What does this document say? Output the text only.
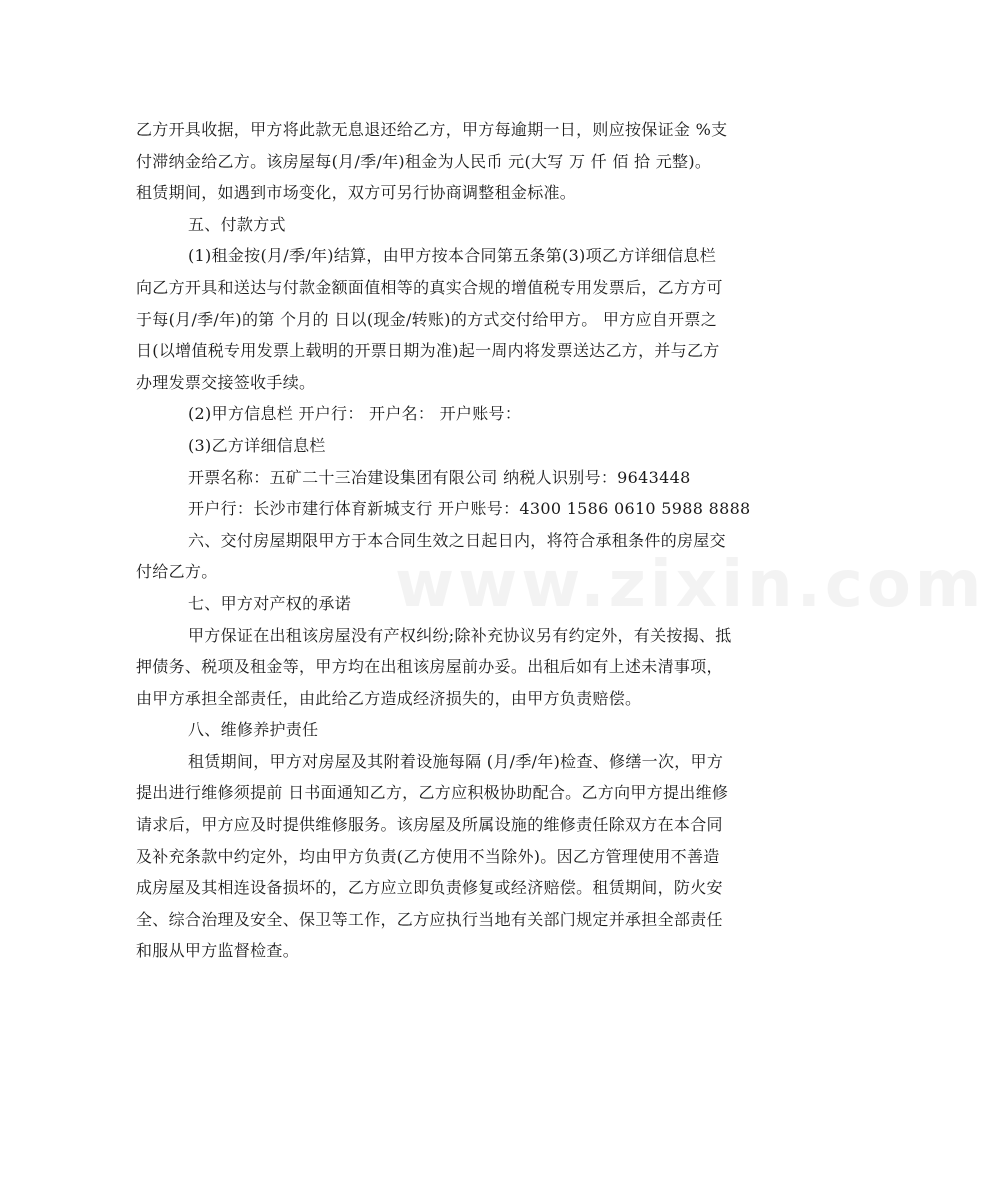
乙方开具收据，甲方将此款无息退还给乙方，甲方每逾期一日，则应按保证金 %支
付滞纳金给乙方。该房屋每(月/季/年)租金为人民币 元(大写 万 仟 佰 拾 元整)。
租赁期间，如遇到市场变化，双方可另行协商调整租金标准。
五、付款方式
(1)租金按(月/季/年)结算，由甲方按本合同第五条第(3)项乙方详细信息栏
向乙方开具和送达与付款金额面值相等的真实合规的增值税专用发票后，乙方方可
于每(月/季/年)的第 个月的 日以(现金/转账)的方式交付给甲方。 甲方应自开票之
日(以增值税专用发票上载明的开票日期为准)起一周内将发票送达乙方，并与乙方
办理发票交接签收手续。
(2)甲方信息栏 开户行： 开户名： 开户账号：
(3)乙方详细信息栏
开票名称：五矿二十三冶建设集团有限公司 纳税人识别号：9643448
开户行：长沙市建行体育新城支行 开户账号：4300 1586 0610 5988 8888
六、交付房屋期限甲方于本合同生效之日起日内，将符合承租条件的房屋交
付给乙方。
七、甲方对产权的承诺
甲方保证在出租该房屋没有产权纠纷;除补充协议另有约定外，有关按揭、抵
押债务、税项及租金等，甲方均在出租该房屋前办妥。出租后如有上述未清事项，
由甲方承担全部责任，由此给乙方造成经济损失的，由甲方负责赔偿。
八、维修养护责任
租赁期间，甲方对房屋及其附着设施每隔 (月/季/年)检查、修缮一次，甲方
提出进行维修须提前 日书面通知乙方，乙方应积极协助配合。乙方向甲方提出维修
请求后，甲方应及时提供维修服务。该房屋及所属设施的维修责任除双方在本合同
及补充条款中约定外，均由甲方负责(乙方使用不当除外)。因乙方管理使用不善造
成房屋及其相连设备损坏的，乙方应立即负责修复或经济赔偿。租赁期间，防火安
全、综合治理及安全、保卫等工作，乙方应执行当地有关部门规定并承担全部责任
和服从甲方监督检查。
www.zixin.com
